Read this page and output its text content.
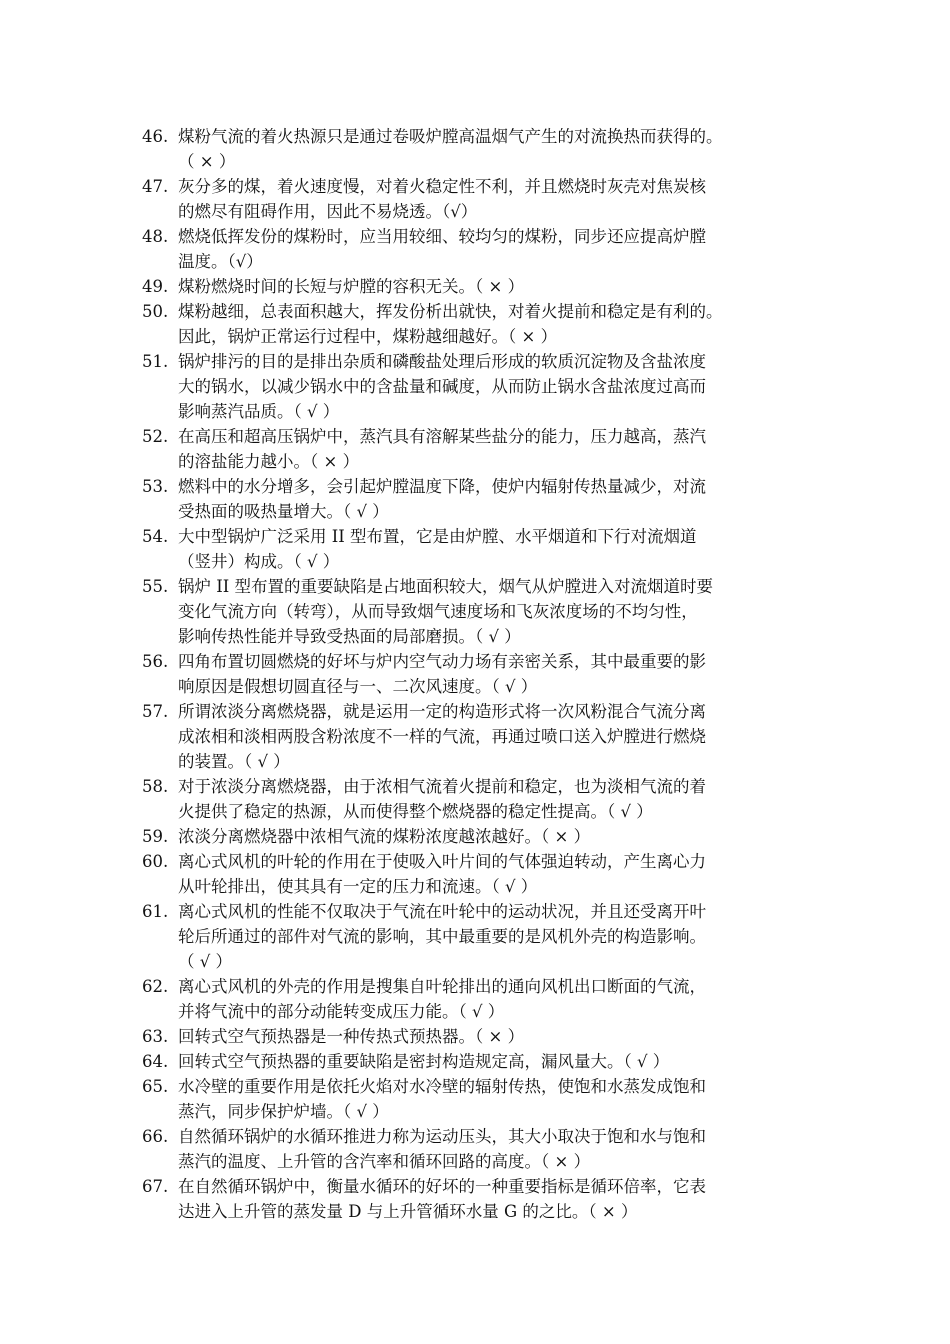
46. 煤粉气流的着火热源只是通过卷吸炉膛高温烟气产生的对流换热而获得的。
（ × ）
47. 灰分多的煤，着火速度慢，对着火稳定性不利，并且燃烧时灰壳对焦炭核
的燃尽有阻碍作用，因此不易烧透。（√）
48. 燃烧低挥发份的煤粉时，应当用较细、较均匀的煤粉，同步还应提高炉膛
温度。（√）
49. 煤粉燃烧时间的长短与炉膛的容积无关。（ × ）
50. 煤粉越细，总表面积越大，挥发份析出就快，对着火提前和稳定是有利的。
因此，锅炉正常运行过程中，煤粉越细越好。（ × ）
51. 锅炉排污的目的是排出杂质和磷酸盐处理后形成的软质沉淀物及含盐浓度
大的锅水，以减少锅水中的含盐量和碱度，从而防止锅水含盐浓度过高而
影响蒸汽品质。（ √ ）
52. 在高压和超高压锅炉中，蒸汽具有溶解某些盐分的能力，压力越高，蒸汽
的溶盐能力越小。（ × ）
53. 燃料中的水分增多，会引起炉膛温度下降，使炉内辐射传热量减少，对流
受热面的吸热量增大。（ √ ）
54. 大中型锅炉广泛采用 II 型布置，它是由炉膛、水平烟道和下行对流烟道
（竖井）构成。（ √ ）
55. 锅炉 II 型布置的重要缺陷是占地面积较大，烟气从炉膛进入对流烟道时要
变化气流方向（转弯），从而导致烟气速度场和飞灰浓度场的不均匀性，
影响传热性能并导致受热面的局部磨损。（ √ ）
56. 四角布置切圆燃烧的好坏与炉内空气动力场有亲密关系，其中最重要的影
响原因是假想切圆直径与一、二次风速度。（ √ ）
57. 所谓浓淡分离燃烧器，就是运用一定的构造形式将一次风粉混合气流分离
成浓相和淡相两股含粉浓度不一样的气流，再通过喷口送入炉膛进行燃烧
的装置。（ √ ）
58. 对于浓淡分离燃烧器，由于浓相气流着火提前和稳定，也为淡相气流的着
火提供了稳定的热源，从而使得整个燃烧器的稳定性提高。（ √ ）
59. 浓淡分离燃烧器中浓相气流的煤粉浓度越浓越好。（ × ）
60. 离心式风机的叶轮的作用在于使吸入叶片间的气体强迫转动，产生离心力
从叶轮排出，使其具有一定的压力和流速。（ √ ）
61. 离心式风机的性能不仅取决于气流在叶轮中的运动状况，并且还受离开叶
轮后所通过的部件对气流的影响，其中最重要的是风机外壳的构造影响。
（ √ ）
62. 离心式风机的外壳的作用是搜集自叶轮排出的通向风机出口断面的气流，
并将气流中的部分动能转变成压力能。（ √ ）
63. 回转式空气预热器是一种传热式预热器。（ × ）
64. 回转式空气预热器的重要缺陷是密封构造规定高，漏风量大。（ √ ）
65. 水冷壁的重要作用是依托火焰对水冷壁的辐射传热，使饱和水蒸发成饱和
蒸汽，同步保护炉墙。（ √ ）
66. 自然循环锅炉的水循环推进力称为运动压头，其大小取决于饱和水与饱和
蒸汽的温度、上升管的含汽率和循环回路的高度。（ × ）
67. 在自然循环锅炉中，衡量水循环的好坏的一种重要指标是循环倍率，它表
达进入上升管的蒸发量 D 与上升管循环水量 G 的之比。（ × ）
